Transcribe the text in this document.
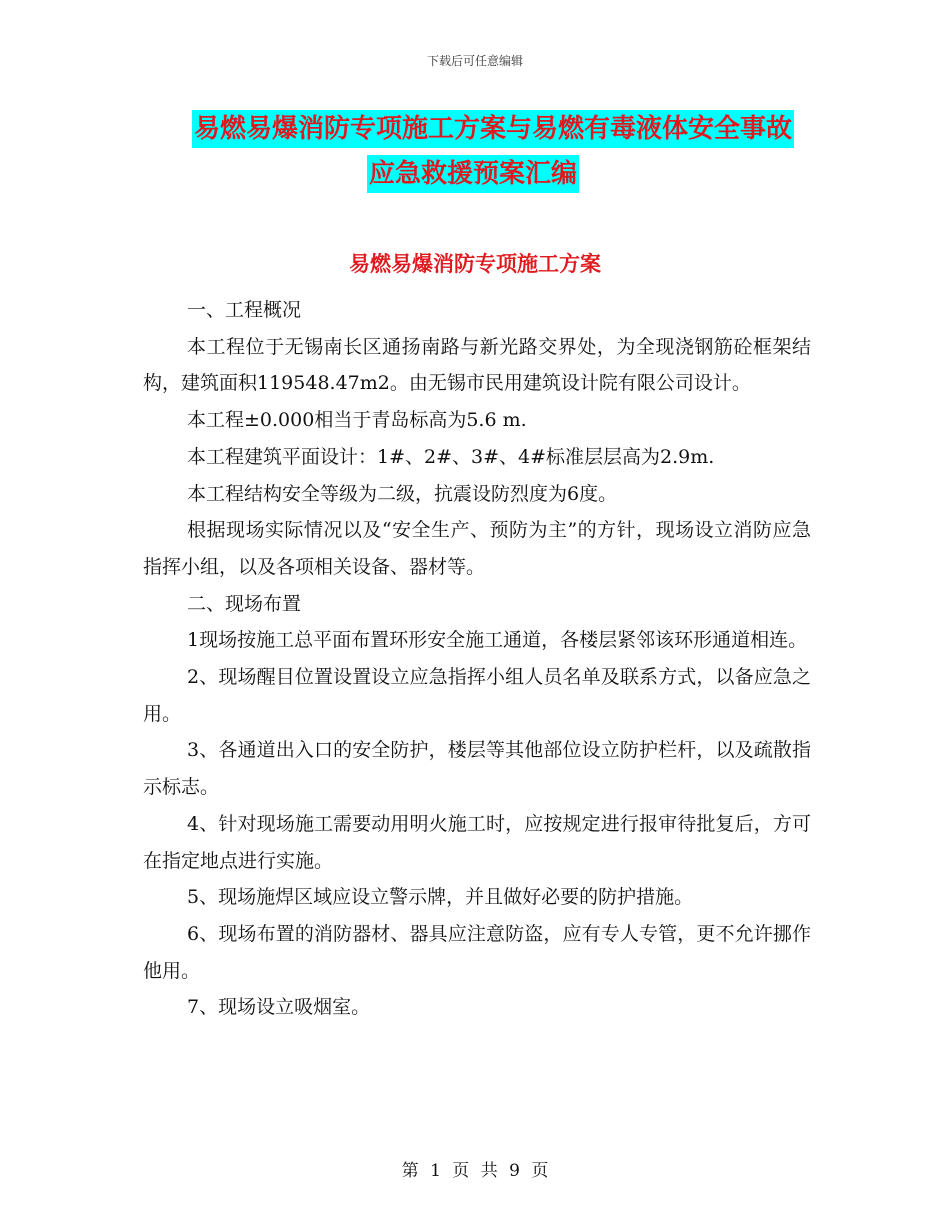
下载后可任意编辑
易燃易爆消防专项施工方案与易燃有毒液体安全事故
应急救援预案汇编
易燃易爆消防专项施工方案

一、工程概况

本工程位于无锡南长区通扬南路与新光路交界处，为全现浇钢筋砼框架结构，建筑面积119548.47m2。由无锡市民用建筑设计院有限公司设计。

本工程±0.000相当于青岛标高为5.6 m.

本工程建筑平面设计：1#、2#、3#、4#标准层层高为2.9m.

本工程结构安全等级为二级，抗震设防烈度为6度。

根据现场实际情况以及“安全生产、预防为主”的方针，现场设立消防应急指挥小组，以及各项相关设备、器材等。

二、现场布置

1现场按施工总平面布置环形安全施工通道，各楼层紧邻该环形通道相连。

2、现场醒目位置设置设立应急指挥小组人员名单及联系方式，以备应急之用。

3、各通道出入口的安全防护，楼层等其他部位设立防护栏杆，以及疏散指示标志。

4、针对现场施工需要动用明火施工时，应按规定进行报审待批复后，方可在指定地点进行实施。

5、现场施焊区域应设立警示牌，并且做好必要的防护措施。

6、现场布置的消防器材、器具应注意防盗，应有专人专管，更不允许挪作他用。

7、现场设立吸烟室。

第 1 页 共 9 页
